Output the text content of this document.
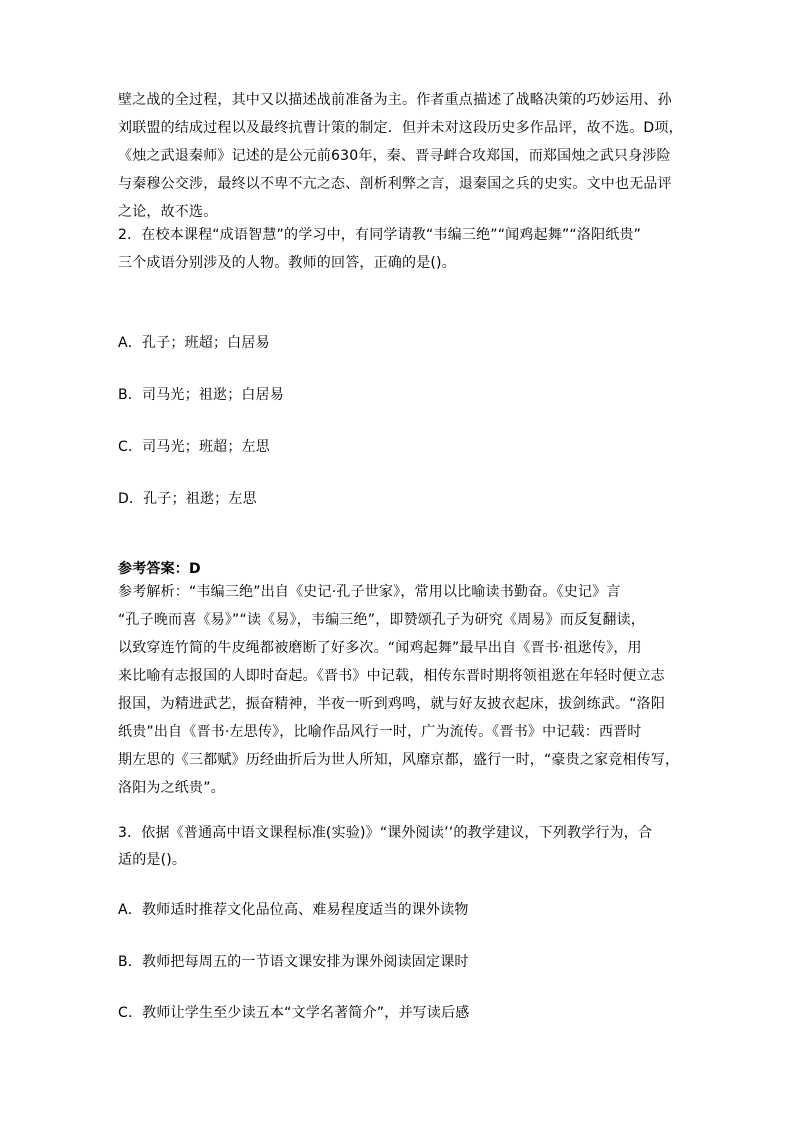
壁之战的全过程，其中又以描述战前准备为主。作者重点描述了战略决策的巧妙运用、孙
刘联盟的结成过程以及最终抗曹计策的制定．但并未对这段历史多作品评，故不选。D项，
《烛之武退秦师》记述的是公元前630年，秦、晋寻衅合攻郑国，而郑国烛之武只身涉险
与秦穆公交涉，最终以不卑不亢之态、剖析利弊之言，退秦国之兵的史实。文中也无品评
之论，故不选。
2．在校本课程“成语智慧”的学习中，有同学请教“韦编三绝”“闻鸡起舞”“洛阳纸贵”
三个成语分别涉及的人物。教师的回答，正确的是()。
A．孔子；班超；白居易
B．司马光；祖逖；白居易
C．司马光；班超；左思
D．孔子；祖逖；左思
参考答案：D
参考解析：“韦编三绝”出自《史记·孔子世家》，常用以比喻读书勤奋。《史记》言
“孔子晚而喜《易》”“读《易》，韦编三绝”，即赞颂孔子为研究《周易》而反复翻读，
以致穿连竹简的牛皮绳都被磨断了好多次。“闻鸡起舞”最早出自《晋书·祖逖传》，用
来比喻有志报国的人即时奋起。《晋书》中记载，相传东晋时期将领祖逖在年轻时便立志
报国，为精进武艺，振奋精神，半夜一听到鸡鸣，就与好友披衣起床，拔剑练武。“洛阳
纸贵”出自《晋书·左思传》，比喻作品风行一时，广为流传。《晋书》中记载：西晋时
期左思的《三都赋》历经曲折后为世人所知，风靡京都，盛行一时，“豪贵之家竞相传写，
洛阳为之纸贵”。
3．依据《普通高中语文课程标准(实验)》“课外阅读’’的教学建议，下列教学行为，合
适的是()。
A．教师适时推荐文化品位高、难易程度适当的课外读物
B．教师把每周五的一节语文课安排为课外阅读固定课时
C．教师让学生至少读五本“文学名著简介”，并写读后感
